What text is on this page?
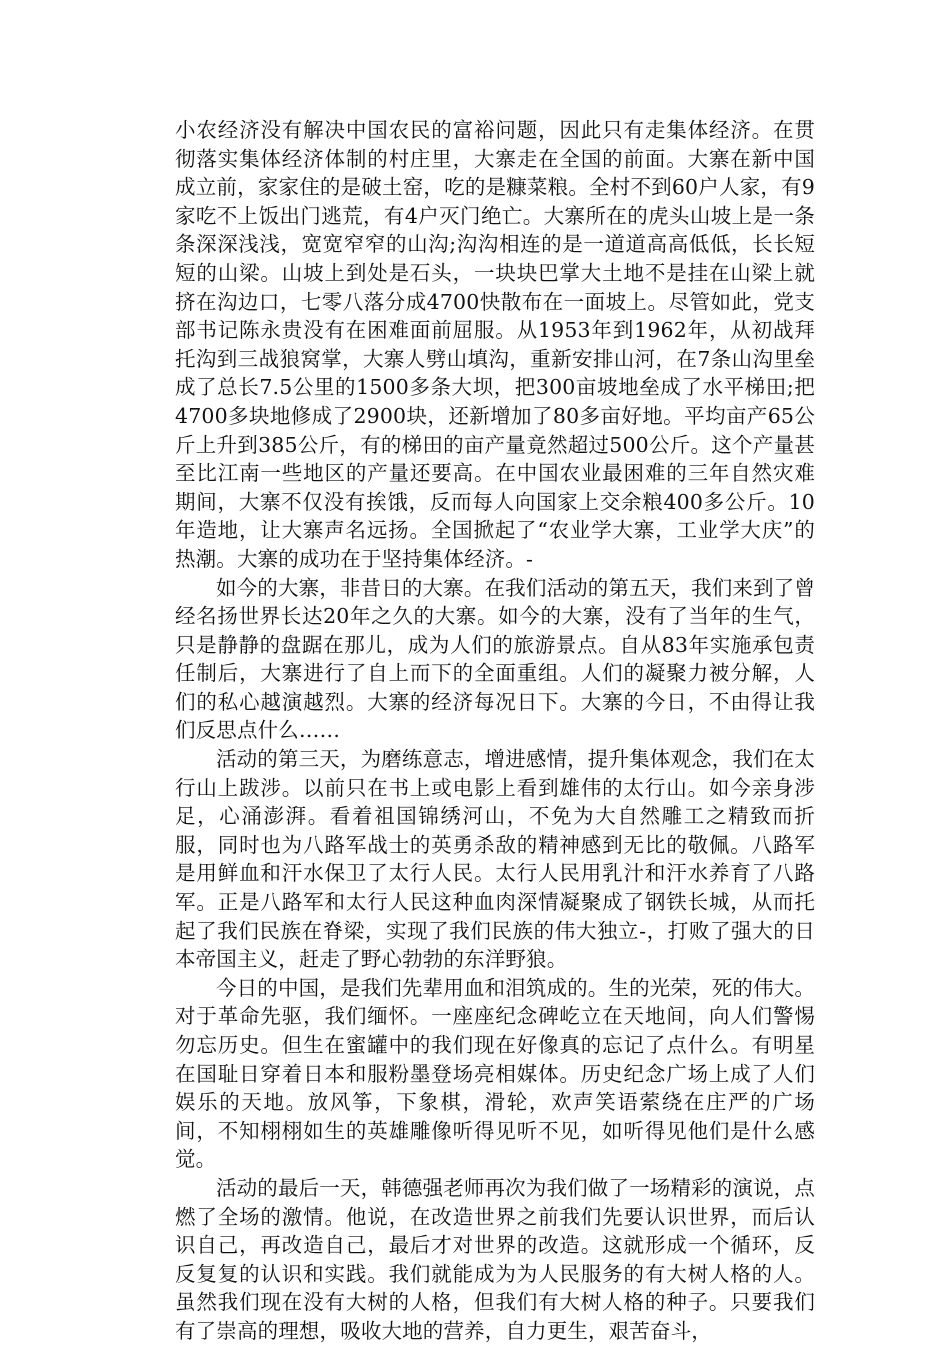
小农经济没有解决中国农民的富裕问题，因此只有走集体经济。在贯彻落实集体经济体制的村庄里，大寨走在全国的前面。大寨在新中国成立前，家家住的是破土窑，吃的是糠菜粮。全村不到60户人家，有9家吃不上饭出门逃荒，有4户灭门绝亡。大寨所在的虎头山坡上是一条条深深浅浅，宽宽窄窄的山沟;沟沟相连的是一道道高高低低，长长短短的山梁。山坡上到处是石头，一块块巴掌大土地不是挂在山梁上就挤在沟边口，七零八落分成4700快散布在一面坡上。尽管如此，党支部书记陈永贵没有在困难面前屈服。从1953年到1962年，从初战拜托沟到三战狼窝掌，大寨人劈山填沟，重新安排山河，在7条山沟里垒成了总长7.5公里的1500多条大坝，把300亩坡地垒成了水平梯田;把4700多块地修成了2900块，还新增加了80多亩好地。平均亩产65公斤上升到385公斤，有的梯田的亩产量竟然超过500公斤。这个产量甚至比江南一些地区的产量还要高。在中国农业最困难的三年自然灾难期间，大寨不仅没有挨饿，反而每人向国家上交余粮400多公斤。10年造地，让大寨声名远扬。全国掀起了“农业学大寨，工业学大庆”的热潮。大寨的成功在于坚持集体经济。-

如今的大寨，非昔日的大寨。在我们活动的第五天，我们来到了曾经名扬世界长达20年之久的大寨。如今的大寨，没有了当年的生气，只是静静的盘踞在那儿，成为人们的旅游景点。自从83年实施承包责任制后，大寨进行了自上而下的全面重组。人们的凝聚力被分解，人们的私心越演越烈。大寨的经济每况日下。大寨的今日，不由得让我们反思点什么……

活动的第三天，为磨练意志，增进感情，提升集体观念，我们在太行山上跋涉。以前只在书上或电影上看到雄伟的太行山。如今亲身涉足，心涌澎湃。看着祖国锦绣河山，不免为大自然雕工之精致而折服，同时也为八路军战士的英勇杀敌的精神感到无比的敬佩。八路军是用鲜血和汗水保卫了太行人民。太行人民用乳汁和汗水养育了八路军。正是八路军和太行人民这种血肉深情凝聚成了钢铁长城，从而托起了我们民族在脊梁，实现了我们民族的伟大独立-，打败了强大的日本帝国主义，赶走了野心勃勃的东洋野狼。

今日的中国，是我们先辈用血和泪筑成的。生的光荣，死的伟大。对于革命先驱，我们缅怀。一座座纪念碑屹立在天地间，向人们警惕勿忘历史。但生在蜜罐中的我们现在好像真的忘记了点什么。有明星在国耻日穿着日本和服粉墨登场亮相媒体。历史纪念广场上成了人们娱乐的天地。放风筝，下象棋，滑轮，欢声笑语萦绕在庄严的广场间，不知栩栩如生的英雄雕像听得见听不见，如听得见他们是什么感觉。

活动的最后一天，韩德强老师再次为我们做了一场精彩的演说，点燃了全场的激情。他说，在改造世界之前我们先要认识世界，而后认识自己，再改造自己，最后才对世界的改造。这就形成一个循环，反反复复的认识和实践。我们就能成为为人民服务的有大树人格的人。虽然我们现在没有大树的人格，但我们有大树人格的种子。只要我们有了崇高的理想，吸收大地的营养，自力更生，艰苦奋斗，
